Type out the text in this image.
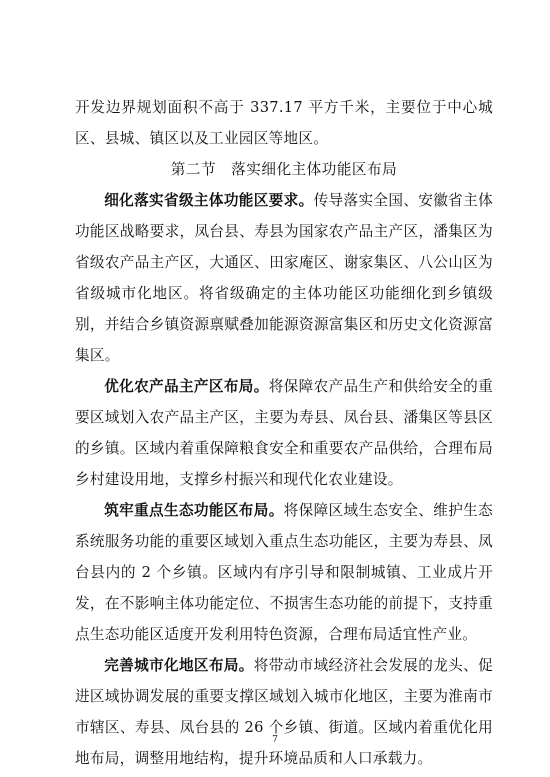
开发边界规划面积不高于 337.17 平方千米，主要位于中心城区、县城、镇区以及工业园区等地区。

第二节　落实细化主体功能区布局

细化落实省级主体功能区要求。传导落实全国、安徽省主体功能区战略要求，凤台县、寿县为国家农产品主产区，潘集区为省级农产品主产区，大通区、田家庵区、谢家集区、八公山区为省级城市化地区。将省级确定的主体功能区功能细化到乡镇级别，并结合乡镇资源禀赋叠加能源资源富集区和历史文化资源富集区。

优化农产品主产区布局。将保障农产品生产和供给安全的重要区域划入农产品主产区，主要为寿县、凤台县、潘集区等县区的乡镇。区域内着重保障粮食安全和重要农产品供给，合理布局乡村建设用地，支撑乡村振兴和现代化农业建设。

筑牢重点生态功能区布局。将保障区域生态安全、维护生态系统服务功能的重要区域划入重点生态功能区，主要为寿县、凤台县内的 2 个乡镇。区域内有序引导和限制城镇、工业成片开发，在不影响主体功能定位、不损害生态功能的前提下，支持重点生态功能区适度开发利用特色资源，合理布局适宜性产业。

完善城市化地区布局。将带动市域经济社会发展的龙头、促进区域协调发展的重要支撑区域划入城市化地区，主要为淮南市市辖区、寿县、凤台县的 26 个乡镇、街道。区域内着重优化用地布局，调整用地结构，提升环境品质和人口承载力。

7
